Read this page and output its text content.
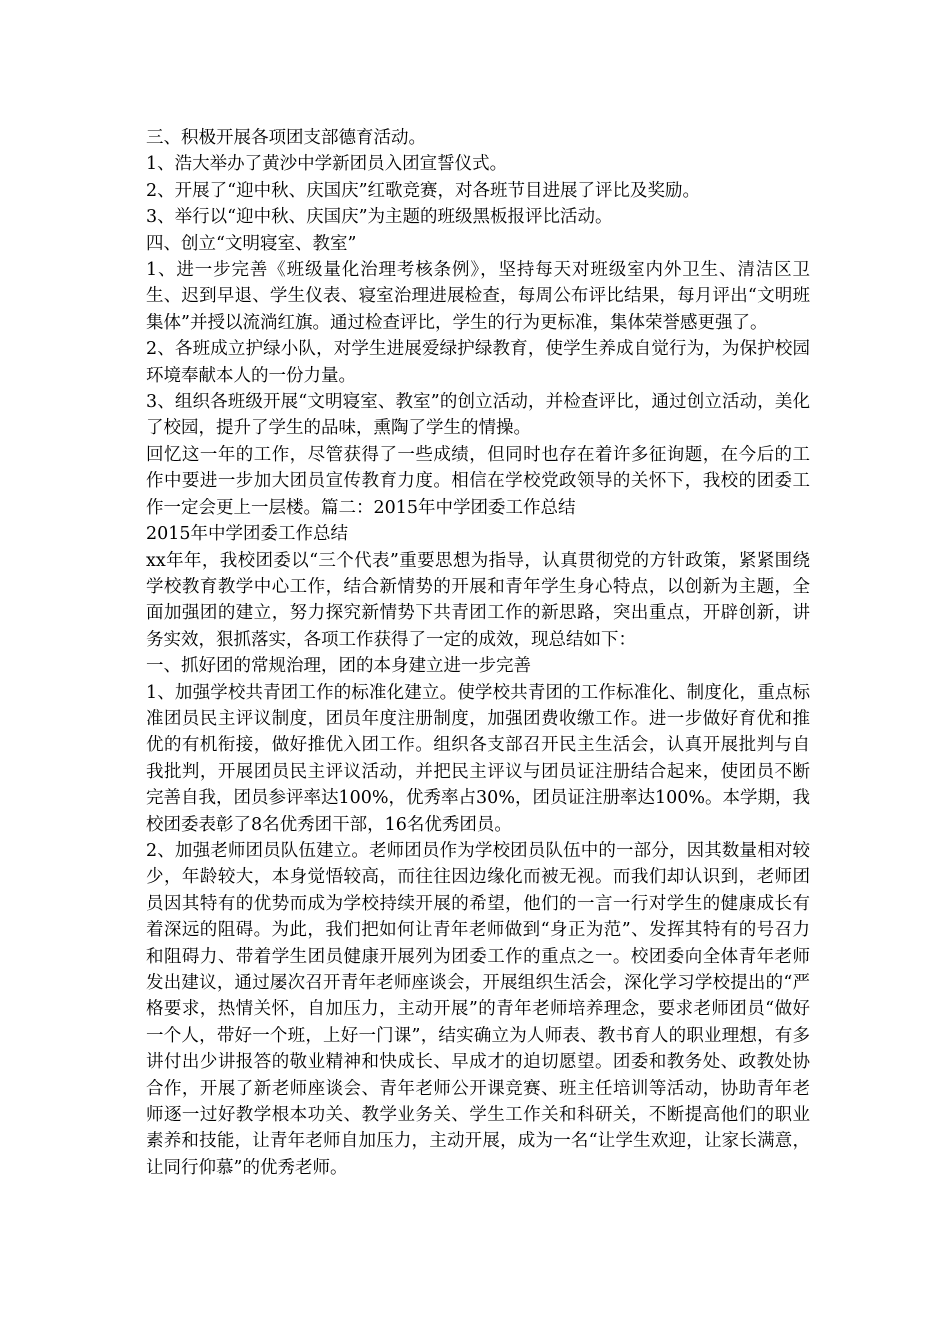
三、积极开展各项团支部德育活动。

1、浩大举办了黄沙中学新团员入团宣誓仪式。

2、开展了“迎中秋、庆国庆”红歌竞赛，对各班节目进展了评比及奖励。

3、举行以“迎中秋、庆国庆”为主题的班级黑板报评比活动。

四、创立“文明寝室、教室”

1、进一步完善《班级量化治理考核条例》，坚持每天对班级室内外卫生、清洁区卫生、迟到早退、学生仪表、寝室治理进展检查，每周公布评比结果，每月评出“文明班集体”并授以流淌红旗。通过检查评比，学生的行为更标准，集体荣誉感更强了。

2、各班成立护绿小队，对学生进展爱绿护绿教育，使学生养成自觉行为，为保护校园环境奉献本人的一份力量。

3、组织各班级开展“文明寝室、教室”的创立活动，并检查评比，通过创立活动，美化了校园，提升了学生的品味，熏陶了学生的情操。

回忆这一年的工作，尽管获得了一些成绩，但同时也存在着许多征询题，在今后的工作中要进一步加大团员宣传教育力度。相信在学校党政领导的关怀下，我校的团委工作一定会更上一层楼。篇二：2015年中学团委工作总结

2015年中学团委工作总结

xx年年，我校团委以“三个代表”重要思想为指导，认真贯彻党的方针政策，紧紧围绕学校教育教学中心工作，结合新情势的开展和青年学生身心特点，以创新为主题，全面加强团的建立，努力探究新情势下共青团工作的新思路，突出重点，开辟创新，讲务实效，狠抓落实，各项工作获得了一定的成效，现总结如下：

一、抓好团的常规治理，团的本身建立进一步完善

1、加强学校共青团工作的标准化建立。使学校共青团的工作标准化、制度化，重点标准团员民主评议制度，团员年度注册制度，加强团费收缴工作。进一步做好育优和推优的有机衔接，做好推优入团工作。组织各支部召开民主生活会，认真开展批判与自我批判，开展团员民主评议活动，并把民主评议与团员证注册结合起来，使团员不断完善自我，团员参评率达100%，优秀率占30%，团员证注册率达100%。本学期，我校团委表彰了8名优秀团干部，16名优秀团员。

2、加强老师团员队伍建立。老师团员作为学校团员队伍中的一部分，因其数量相对较少，年龄较大，本身觉悟较高，而往往因边缘化而被无视。而我们却认识到，老师团员因其特有的优势而成为学校持续开展的希望，他们的一言一行对学生的健康成长有着深远的阻碍。为此，我们把如何让青年老师做到“身正为范”、发挥其特有的号召力和阻碍力、带着学生团员健康开展列为团委工作的重点之一。校团委向全体青年老师发出建议，通过屡次召开青年老师座谈会，开展组织生活会，深化学习学校提出的“严格要求，热情关怀，自加压力，主动开展”的青年老师培养理念，要求老师团员“做好一个人，带好一个班，上好一门课”，结实确立为人师表、教书育人的职业理想，有多讲付出少讲报答的敬业精神和快成长、早成才的迫切愿望。团委和教务处、政教处协合作，开展了新老师座谈会、青年老师公开课竞赛、班主任培训等活动，协助青年老师逐一过好教学根本功关、教学业务关、学生工作关和科研关，不断提高他们的职业素养和技能，让青年老师自加压力，主动开展，成为一名“让学生欢迎，让家长满意，让同行仰慕”的优秀老师。
